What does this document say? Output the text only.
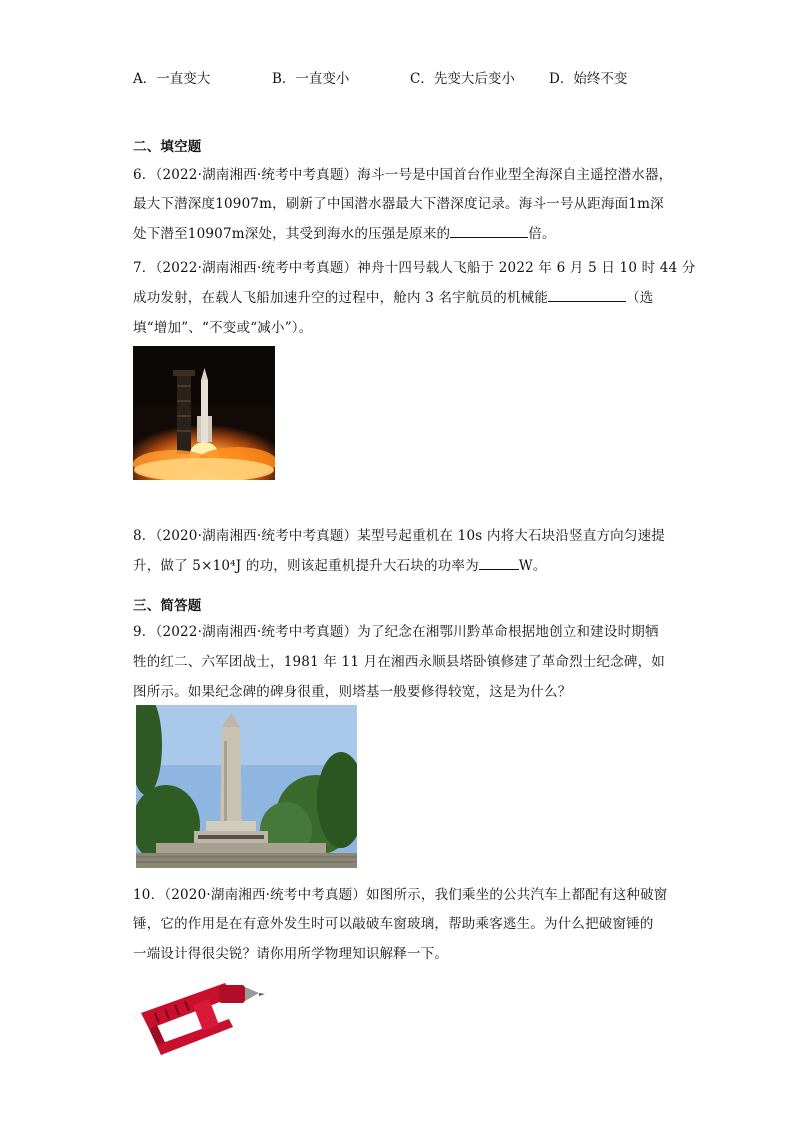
A．一直变大	B．一直变小	C．先变大后变小	D．始终不变
二、填空题
6．（2022·湖南湘西·统考中考真题）海斗一号是中国首台作业型全海深自主遥控潜水器，
最大下潜深度10907m，刷新了中国潜水器最大下潜深度记录。海斗一号从距海面1m深
处下潜至10907m深处，其受到海水的压强是原来的	倍。
7．（2022·湖南湘西·统考中考真题）神舟十四号载人飞船于 2022 年 6 月 5 日 10 时 44 分
成功发射，在载人飞船加速升空的过程中，舱内 3 名宇航员的机械能	（选
填“增加”、“不变或“减小”）。
8．（2020·湖南湘西·统考中考真题）某型号起重机在 10s 内将大石块沿竖直方向匀速提
升，做了 5×10⁴J 的功，则该起重机提升大石块的功率为	W。
三、简答题
9．（2022·湖南湘西·统考中考真题）为了纪念在湘鄂川黔革命根据地创立和建设时期牺
牲的红二、六军团战士，1981 年 11 月在湘西永顺县塔卧镇修建了革命烈士纪念碑，如
图所示。如果纪念碑的碑身很重，则塔基一般要修得较宽，这是为什么？
10．（2020·湖南湘西·统考中考真题）如图所示，我们乘坐的公共汽车上都配有这种破窗
锤，它的作用是在有意外发生时可以敲破车窗玻璃，帮助乘客逃生。为什么把破窗锤的
一端设计得很尖锐？请你用所学物理知识解释一下。
